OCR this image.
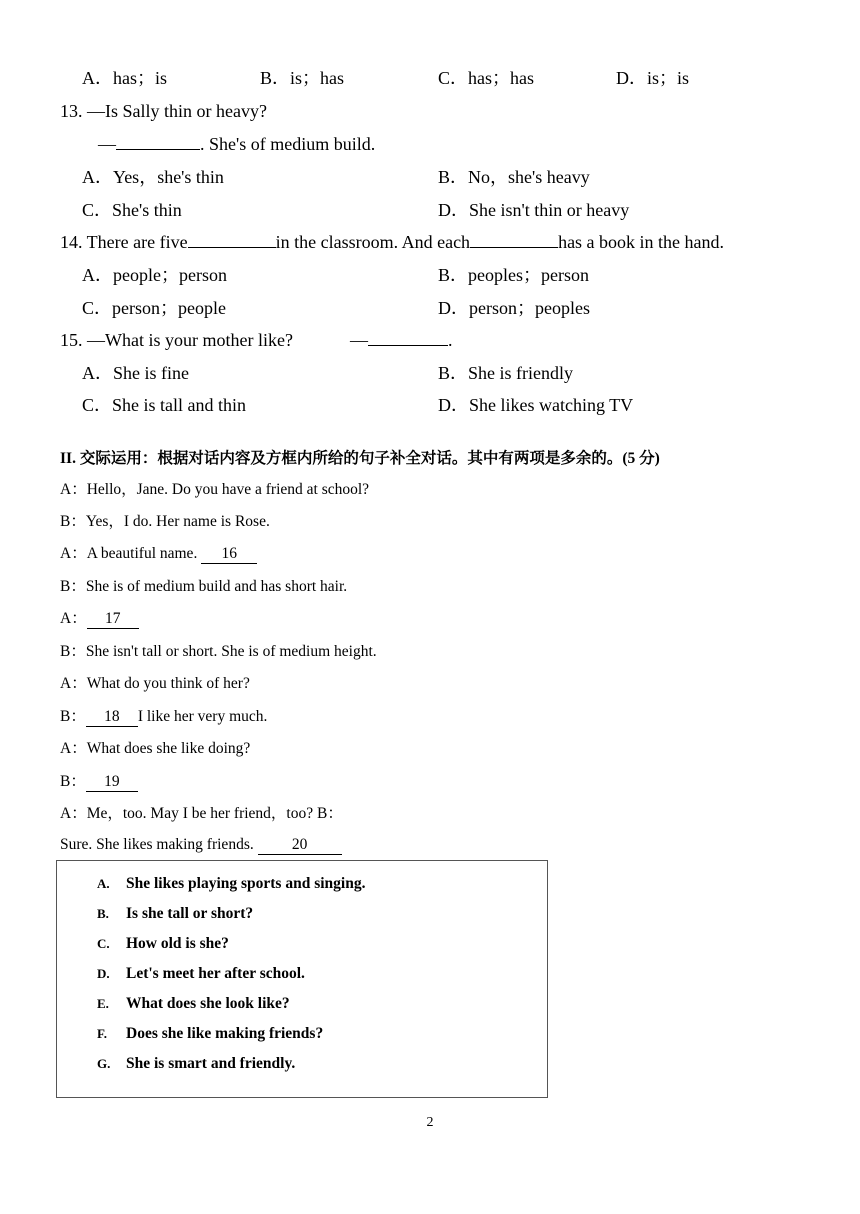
A．has；is	B．is；has	C．has；has	D．is；is
13. —Is Sally thin or heavy?
—	. She's of medium build.
A．Yes，she's thin	B．No，she's heavy
C．She's thin	D．She isn't thin or heavy
14. There are five	in the classroom. And each	has a book in the hand.
A．people；person	B．peoples；person
C．person；people	D．person；peoples
15. —What is your mother like?	—	.
A．She is fine	B．She is friendly
C．She is tall and thin	D．She likes watching TV
II. 交际运用：根据对话内容及方框内所给的句子补全对话。其中有两项是多余的。(5 分)
A：Hello，Jane. Do you have a friend at school?
B：Yes，I do. Her name is Rose.
A：A beautiful name. 16
B：She is of medium build and has short hair.
A： 17
B：She isn't tall or short. She is of medium height.
A：What do you think of her?
B： 18 I like her very much.
A：What does she like doing?
B： 19
A：Me，too. May I be her friend，too? B：
Sure. She likes making friends. 20
A. She likes playing sports and singing.
B. Is she tall or short?
C. How old is she?
D. Let's meet her after school.
E. What does she look like?
F. Does she like making friends?
G. She is smart and friendly.
2
